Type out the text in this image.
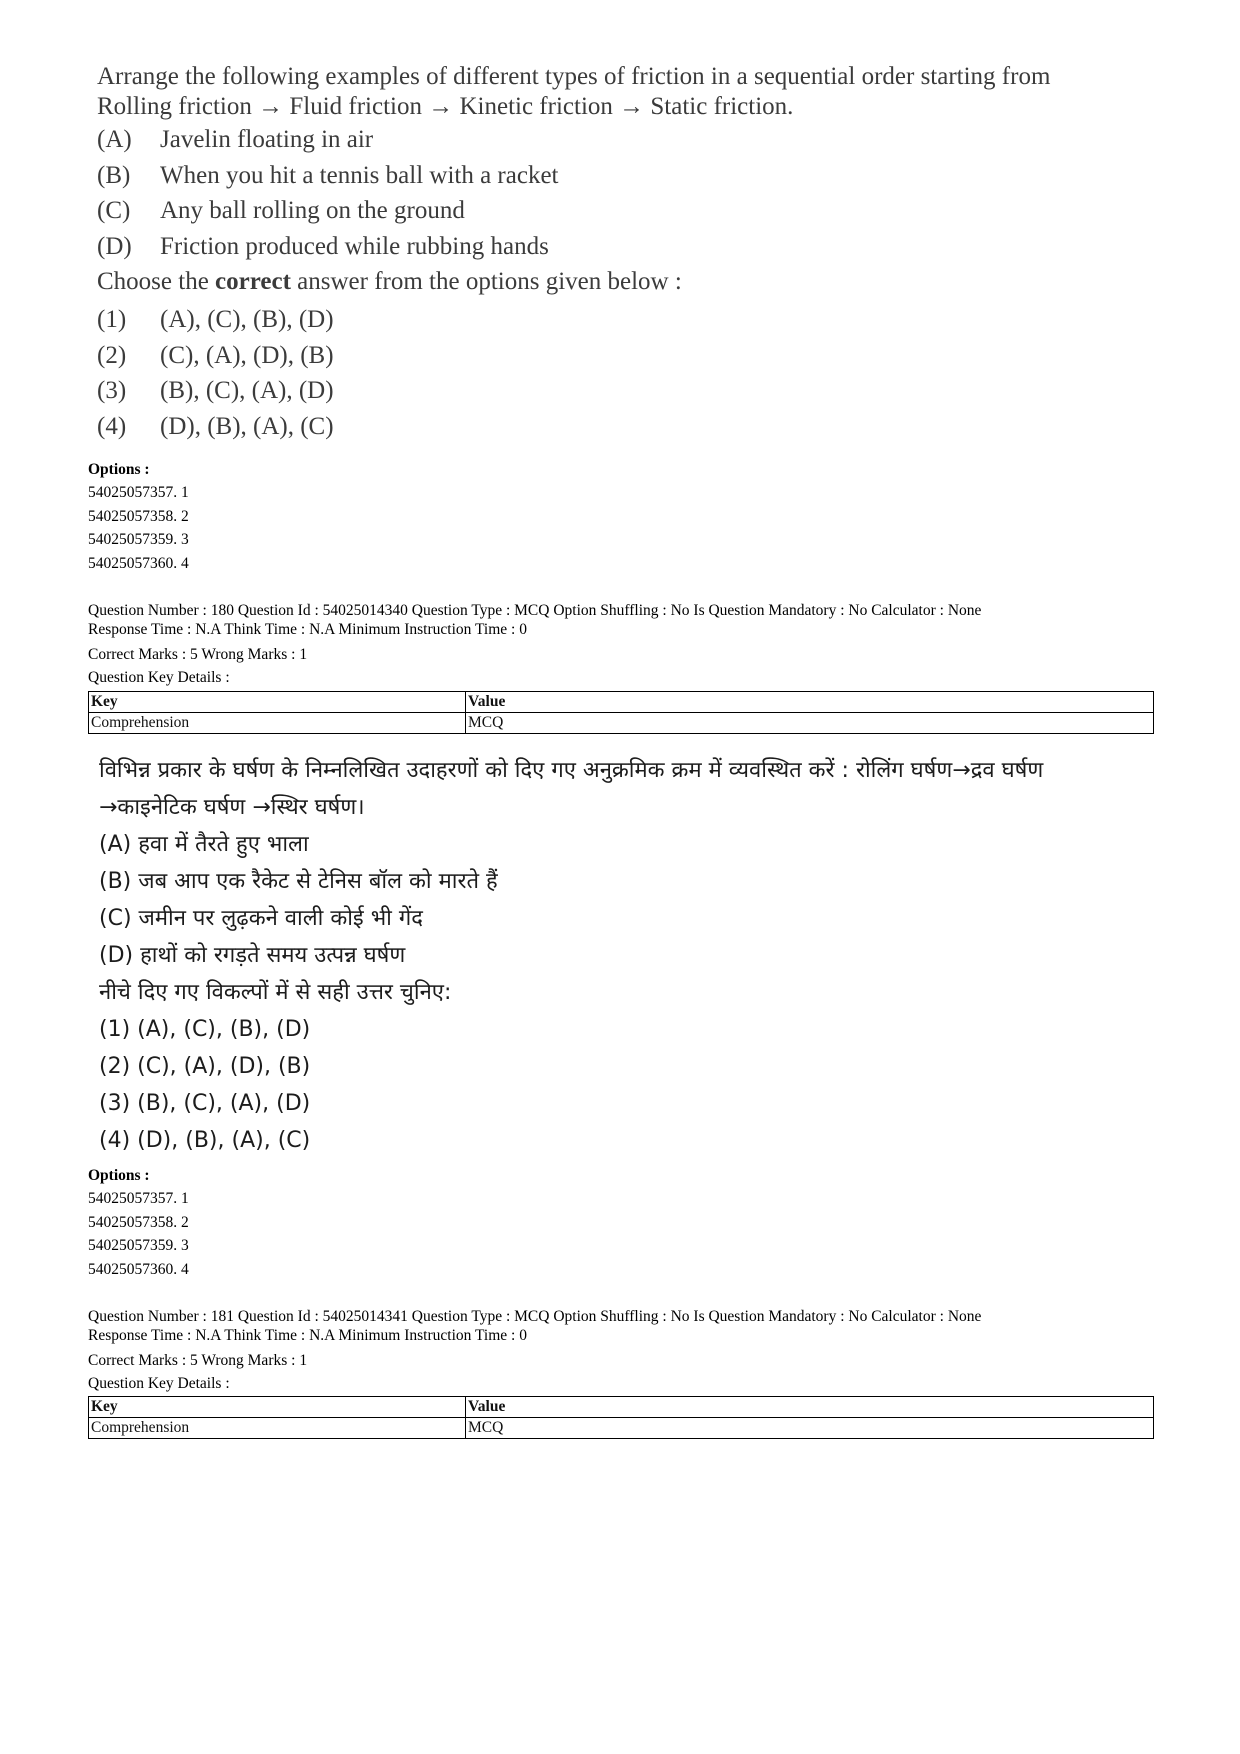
Arrange the following examples of different types of friction in a sequential order starting from

Rolling friction → Fluid friction → Kinetic friction → Static friction.

(A)	Javelin floating in air
(B)	When you hit a tennis ball with a racket
(C)	Any ball rolling on the ground
(D)	Friction produced while rubbing hands
Choose the correct answer from the options given below :
(1)	(A), (C), (B), (D)
(2)	(C), (A), (D), (B)
(3)	(B), (C), (A), (D)
(4)	(D), (B), (A), (C)
Options :
54025057357. 1
54025057358. 2
54025057359. 3
54025057360. 4
Question Number : 180 Question Id : 54025014340 Question Type : MCQ Option Shuffling : No Is Question Mandatory : No Calculator : None
Response Time : N.A Think Time : N.A Minimum Instruction Time : 0
Correct Marks : 5 Wrong Marks : 1
Question Key Details :
Key	Value
Comprehension	MCQ
विभिन्न प्रकार के घर्षण के निम्नलिखित उदाहरणों को दिए गए अनुक्रमिक क्रम में व्यवस्थित करें : रोलिंग घर्षण→द्रव घर्षण
→काइनेटिक घर्षण →स्थिर घर्षण।
(A) हवा में तैरते हुए भाला
(B) जब आप एक रैकेट से टेनिस बॉल को मारते हैं
(C) जमीन पर लुढ़कने वाली कोई भी गेंद
(D) हाथों को रगड़ते समय उत्पन्न घर्षण
नीचे दिए गए विकल्पों में से सही उत्तर चुनिए:
(1) (A), (C), (B), (D)
(2) (C), (A), (D), (B)
(3) (B), (C), (A), (D)
(4) (D), (B), (A), (C)
Options :
54025057357. 1
54025057358. 2
54025057359. 3
54025057360. 4
Question Number : 181 Question Id : 54025014341 Question Type : MCQ Option Shuffling : No Is Question Mandatory : No Calculator : None
Response Time : N.A Think Time : N.A Minimum Instruction Time : 0
Correct Marks : 5 Wrong Marks : 1
Question Key Details :
Key	Value
Comprehension	MCQ
